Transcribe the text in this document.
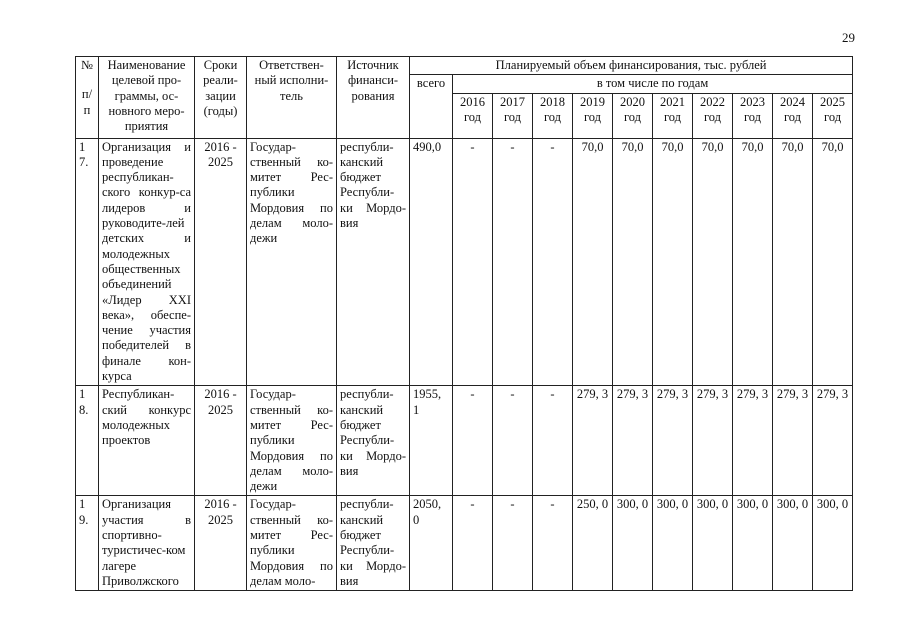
29
№
п/ п	Наименование целевой про-граммы, ос-новного меро-приятия	Сроки реали-зации (годы)	Ответствен-ный исполни-тель	Источник финанси-рования	Планируемый объем финансирования, тыс. рублей										
					всего	в том числе по годам									
						2016 год	2017 год	2018 год	2019 год	2020 год	2021 год	2022 год	2023 год	2024 год	2025 год
1 7.	Организация и проведение республикан-ского конкур-са лидеров и руководите-лей детских и молодежных общественных объединений «Лидер XXI века», обеспе-чение участия победителей в финале кон-курса	2016 - 2025	Государ-ственный ко-митет Рес-публики Мордовия по делам моло-дежи	республи-канский бюджет Республи-ки Мордо-вия	490,0	-	-	-	70,0	70,0	70,0	70,0	70,0	70,0	70,0
1 8.	Республикан-ский конкурс молодежных проектов	2016 - 2025	Государ-ственный ко-митет Рес-публики Мордовия по делам моло-дежи	республи-канский бюджет Республи-ки Мордо-вия	1955, 1	-	-	-	279, 3	279, 3	279, 3	279, 3	279, 3	279, 3	279, 3
1 9.	Организация участия в спортивно-туристичес-ком лагере Приволжского	2016 - 2025	Государ-ственный ко-митет Рес-публики Мордовия по делам моло-	республи-канский бюджет Республи-ки Мордо-вия	2050, 0	-	-	-	250, 0	300, 0	300, 0	300, 0	300, 0	300, 0	300, 0
